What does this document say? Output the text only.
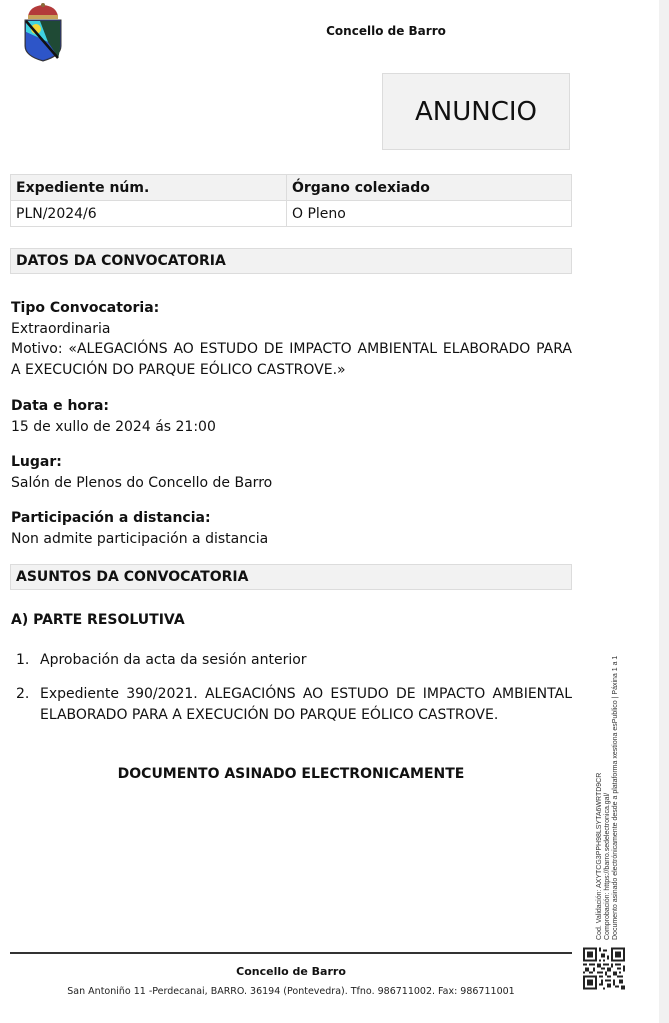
Concello de Barro
ANUNCIO
Expediente núm.	Órgano colexiado
PLN/2024/6	O Pleno
DATOS DA CONVOCATORIA
Tipo Convocatoria:
Extraordinaria
Motivo: «ALEGACIÓNS AO ESTUDO DE IMPACTO AMBIENTAL ELABORADO PARA A EXECUCIÓN DO PARQUE EÓLICO CASTROVE.»
Data e hora:
15 de xullo de 2024 ás 21:00
Lugar:
Salón de Plenos do Concello de Barro
Participación a distancia:
Non admite participación a distancia
ASUNTOS DA CONVOCATORIA
A) PARTE RESOLUTIVA
1. Aprobación da acta da sesión anterior
2. Expediente 390/2021. ALEGACIÓNS AO ESTUDO DE IMPACTO AMBIENTAL ELABORADO PARA A EXECUCIÓN DO PARQUE EÓLICO CASTROVE.
DOCUMENTO ASINADO ELECTRONICAMENTE	Cod. Validación: AXYTCG3PPH98LSYTA6WRTD9CR Comprobación: https://barro.sedelectronica.gal/ Documento asinado electrónicamente desde a plataforma xestiona esPublico | Páxina 1 a 1
Concello de Barro
San Antoniño 11 -Perdecanai, BARRO. 36194 (Pontevedra). Tfno. 986711002. Fax: 986711001
